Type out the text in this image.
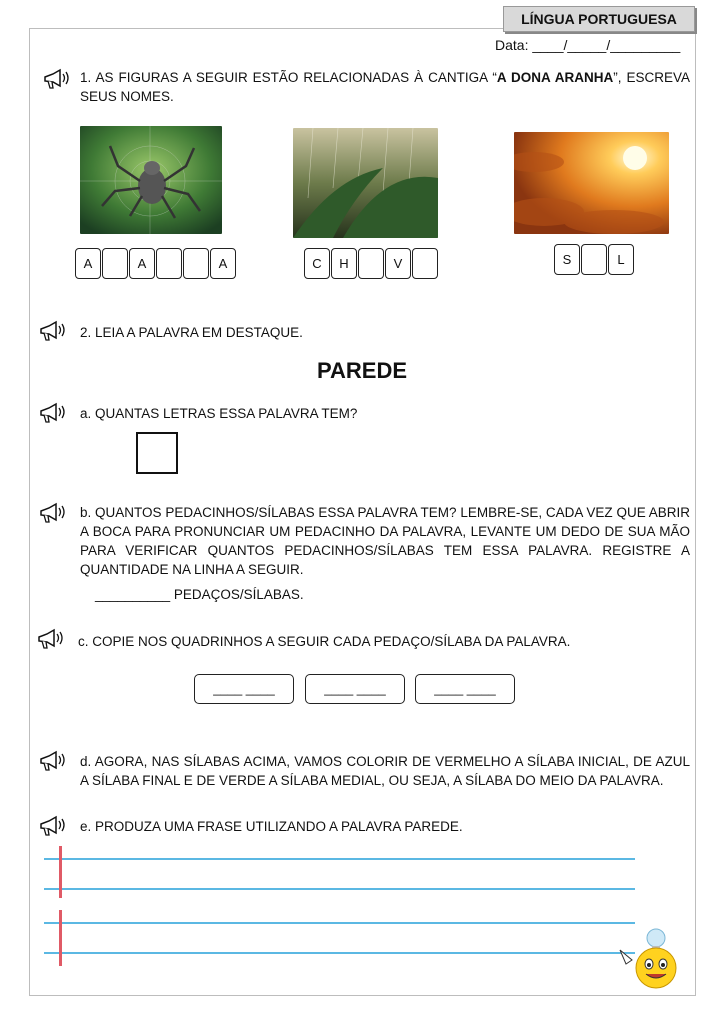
LÍNGUA PORTUGUESA
Data: ____/_____/_________
1. AS FIGURAS A SEGUIR ESTÃO RELACIONADAS À CANTIGA “A DONA ARANHA”, ESCREVA SEUS NOMES.
A	A	A	C	H	V	S	L
2. LEIA A PALAVRA EM DESTAQUE.
PAREDE
a. QUANTAS LETRAS ESSA PALAVRA TEM?
b. QUANTOS PEDACINHOS/SÍLABAS ESSA PALAVRA TEM? LEMBRE-SE, CADA VEZ QUE ABRIR A BOCA PARA PRONUNCIAR UM PEDACINHO DA PALAVRA, LEVANTE UM DEDO DE SUA MÃO PARA VERIFICAR QUANTOS PEDACINHOS/SÍLABAS TEM ESSA PALAVRA. REGISTRE A QUANTIDADE NA LINHA A SEGUIR.
__________ PEDAÇOS/SÍLABAS.
c. COPIE NOS QUADRINHOS A SEGUIR CADA PEDAÇO/SÍLABA DA PALAVRA.
____ ____	____ ____	____ ____
d. AGORA, NAS SÍLABAS ACIMA, VAMOS COLORIR DE VERMELHO A SÍLABA INICIAL, DE AZUL A SÍLABA FINAL E DE VERDE A SÍLABA MEDIAL, OU SEJA, A SÍLABA DO MEIO DA PALAVRA.
e. PRODUZA UMA FRASE UTILIZANDO A PALAVRA PAREDE.
